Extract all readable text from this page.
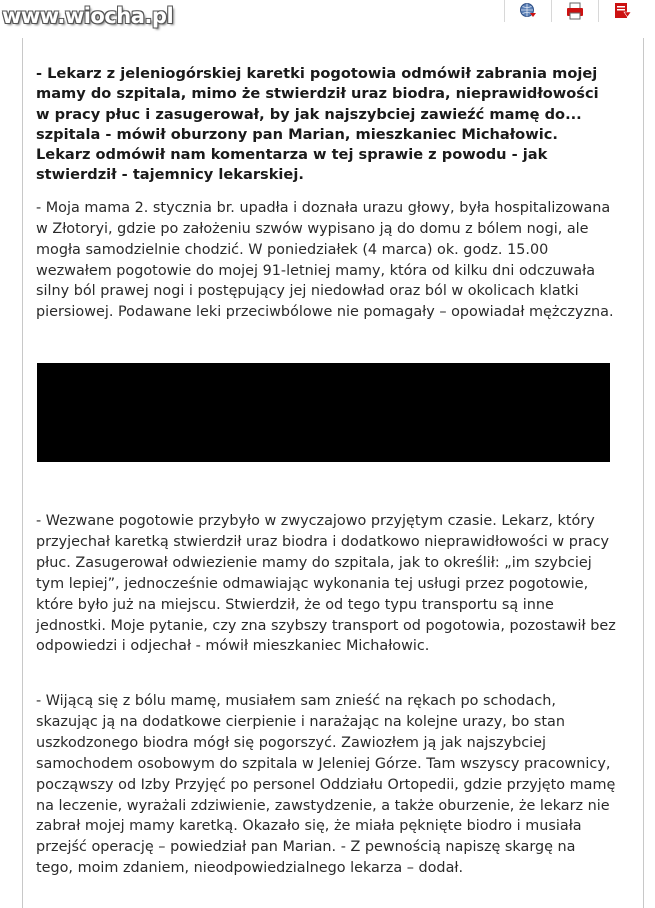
www.wiocha.pl

- Lekarz z jeleniogórskiej karetki pogotowia odmówił zabrania mojej mamy do szpitala, mimo że stwierdził uraz biodra, nieprawidłowości w pracy płuc i zasugerował, by jak najszybciej zawieźć mamę do... szpitala - mówił oburzony pan Marian, mieszkaniec Michałowic. Lekarz odmówił nam komentarza w tej sprawie z powodu - jak stwierdził - tajemnicy lekarskiej.

- Moja mama 2. stycznia br. upadła i doznała urazu głowy, była hospitalizowana w Złotoryi, gdzie po założeniu szwów wypisano ją do domu z bólem nogi, ale mogła samodzielnie chodzić. W poniedziałek (4 marca) ok. godz. 15.00 wezwałem pogotowie do mojej 91-letniej mamy, która od kilku dni odczuwała silny ból prawej nogi i postępujący jej niedowład oraz ból w okolicach klatki piersiowej. Podawane leki przeciwbólowe nie pomagały – opowiadał mężczyzna.

- Wezwane pogotowie przybyło w zwyczajowo przyjętym czasie. Lekarz, który przyjechał karetką stwierdził uraz biodra i dodatkowo nieprawidłowości w pracy płuc. Zasugerował odwiezienie mamy do szpitala, jak to określił: „im szybciej tym lepiej”, jednocześnie odmawiając wykonania tej usługi przez pogotowie, które było już na miejscu. Stwierdził, że od tego typu transportu są inne jednostki. Moje pytanie, czy zna szybszy transport od pogotowia, pozostawił bez odpowiedzi i odjechał - mówił mieszkaniec Michałowic.

- Wijącą się z bólu mamę, musiałem sam znieść na rękach po schodach, skazując ją na dodatkowe cierpienie i narażając na kolejne urazy, bo stan uszkodzonego biodra mógł się pogorszyć. Zawiozłem ją jak najszybciej samochodem osobowym do szpitala w Jeleniej Górze. Tam wszyscy pracownicy, począwszy od Izby Przyjęć po personel Oddziału Ortopedii, gdzie przyjęto mamę na leczenie, wyrażali zdziwienie, zawstydzenie, a także oburzenie, że lekarz nie zabrał mojej mamy karetką. Okazało się, że miała pęknięte biodro i musiała przejść operację – powiedział pan Marian. - Z pewnością napiszę skargę na tego, moim zdaniem, nieodpowiedzialnego lekarza – dodał.
